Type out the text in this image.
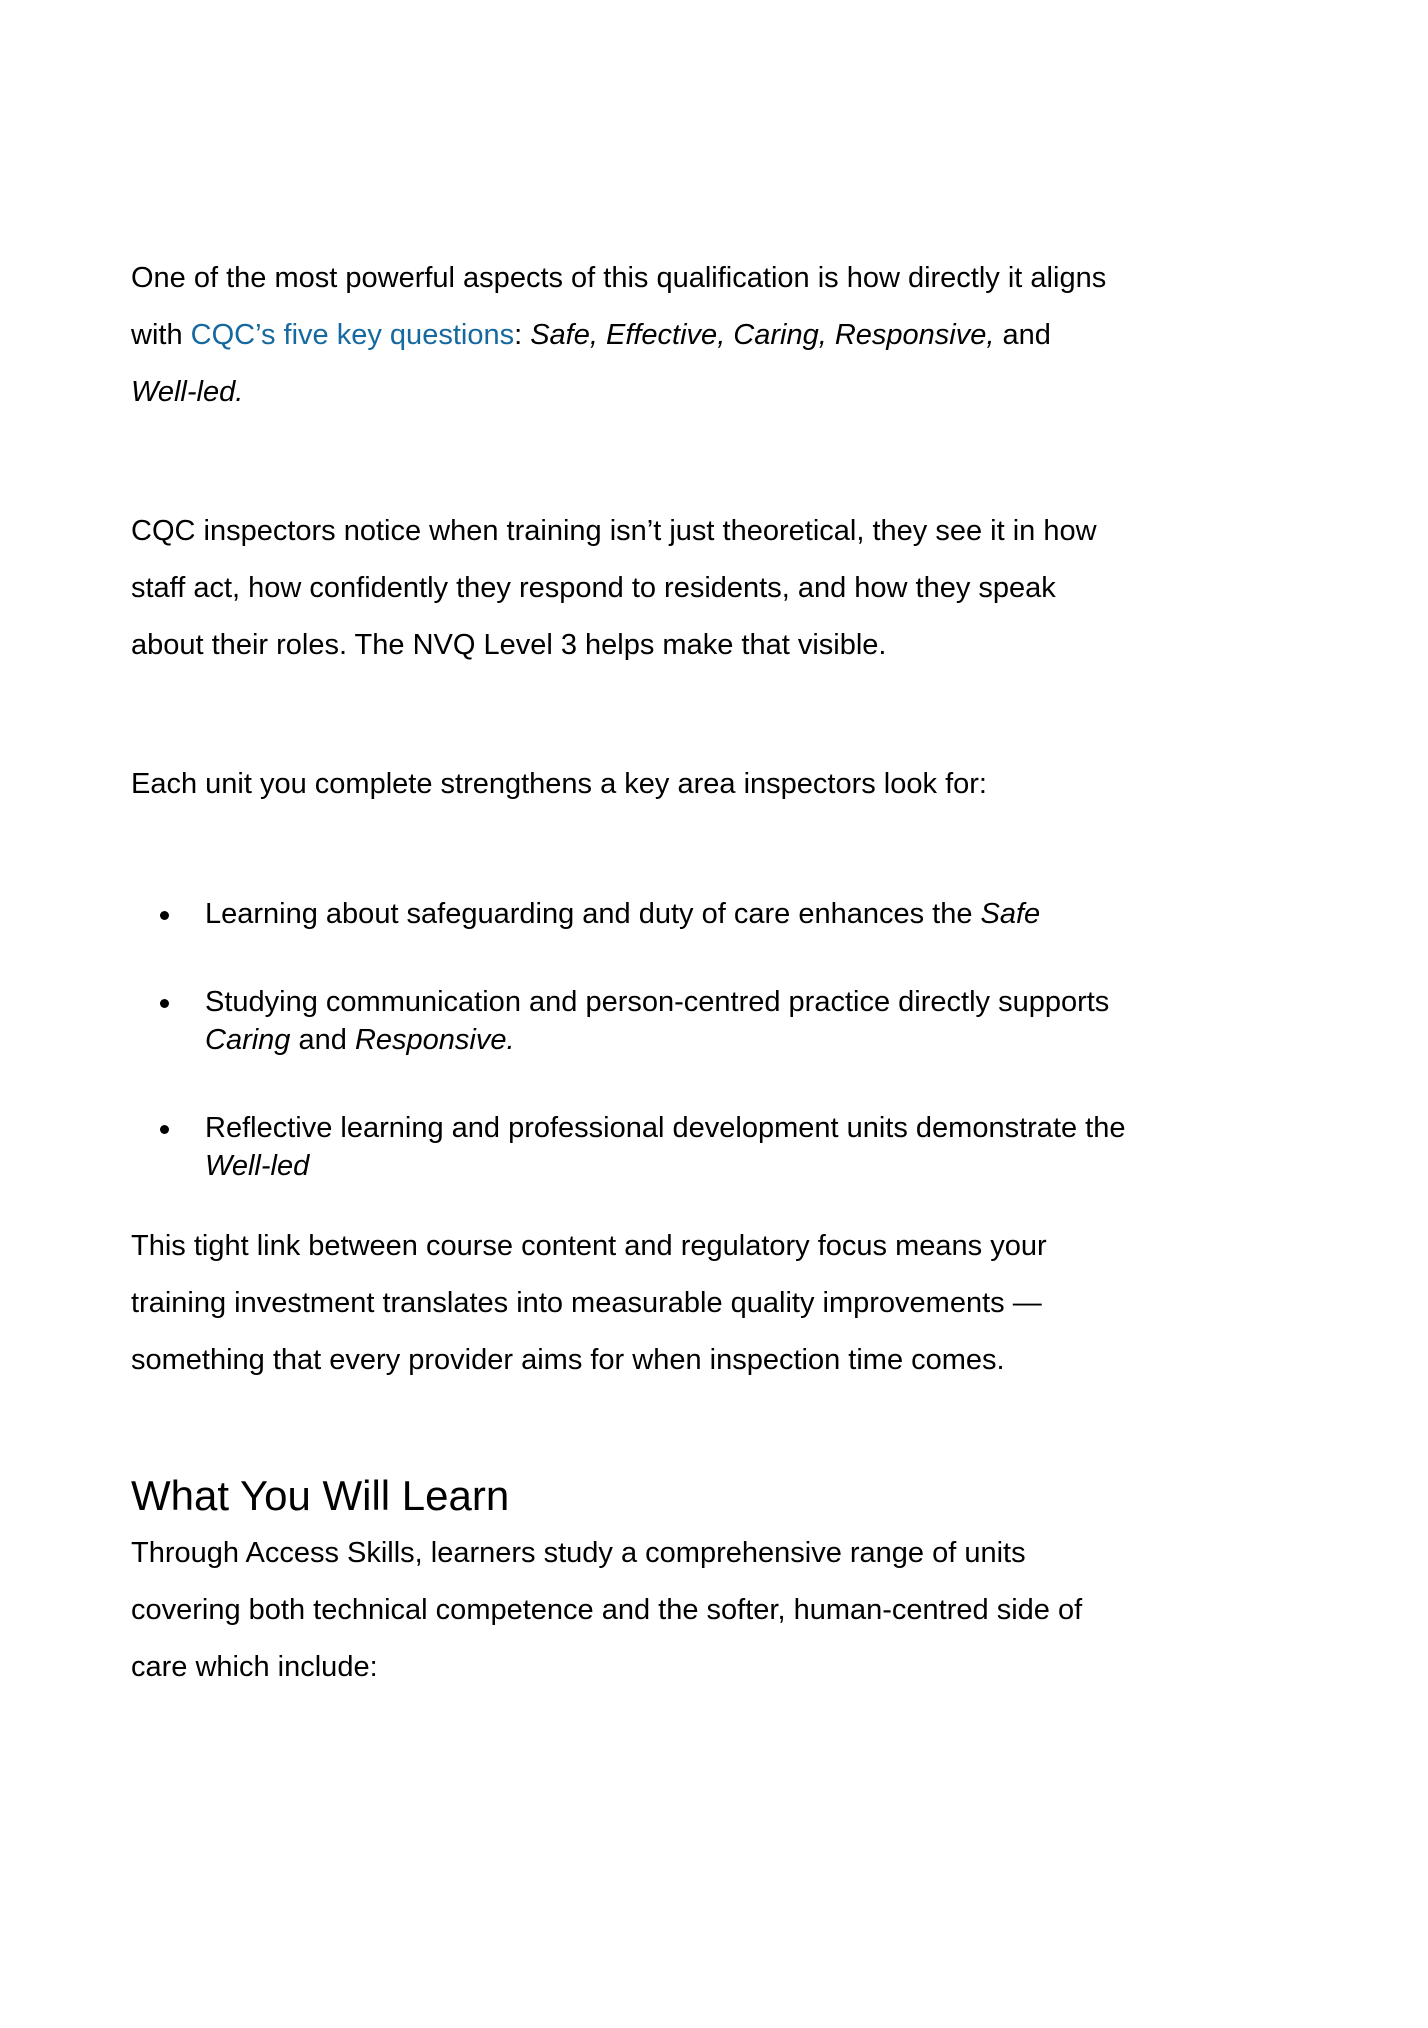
One of the most powerful aspects of this qualification is how directly it aligns
with CQC’s five key questions: Safe, Effective, Caring, Responsive, and
Well-led.
CQC inspectors notice when training isn’t just theoretical, they see it in how
staff act, how confidently they respond to residents, and how they speak
about their roles. The NVQ Level 3 helps make that visible.
Each unit you complete strengthens a key area inspectors look for:
Learning about safeguarding and duty of care enhances the Safe
Studying communication and person-centred practice directly supports
Caring and Responsive.
Reflective learning and professional development units demonstrate the
Well-led
This tight link between course content and regulatory focus means your
training investment translates into measurable quality improvements —
something that every provider aims for when inspection time comes.
What You Will Learn
Through Access Skills, learners study a comprehensive range of units
covering both technical competence and the softer, human-centred side of
care which include:
